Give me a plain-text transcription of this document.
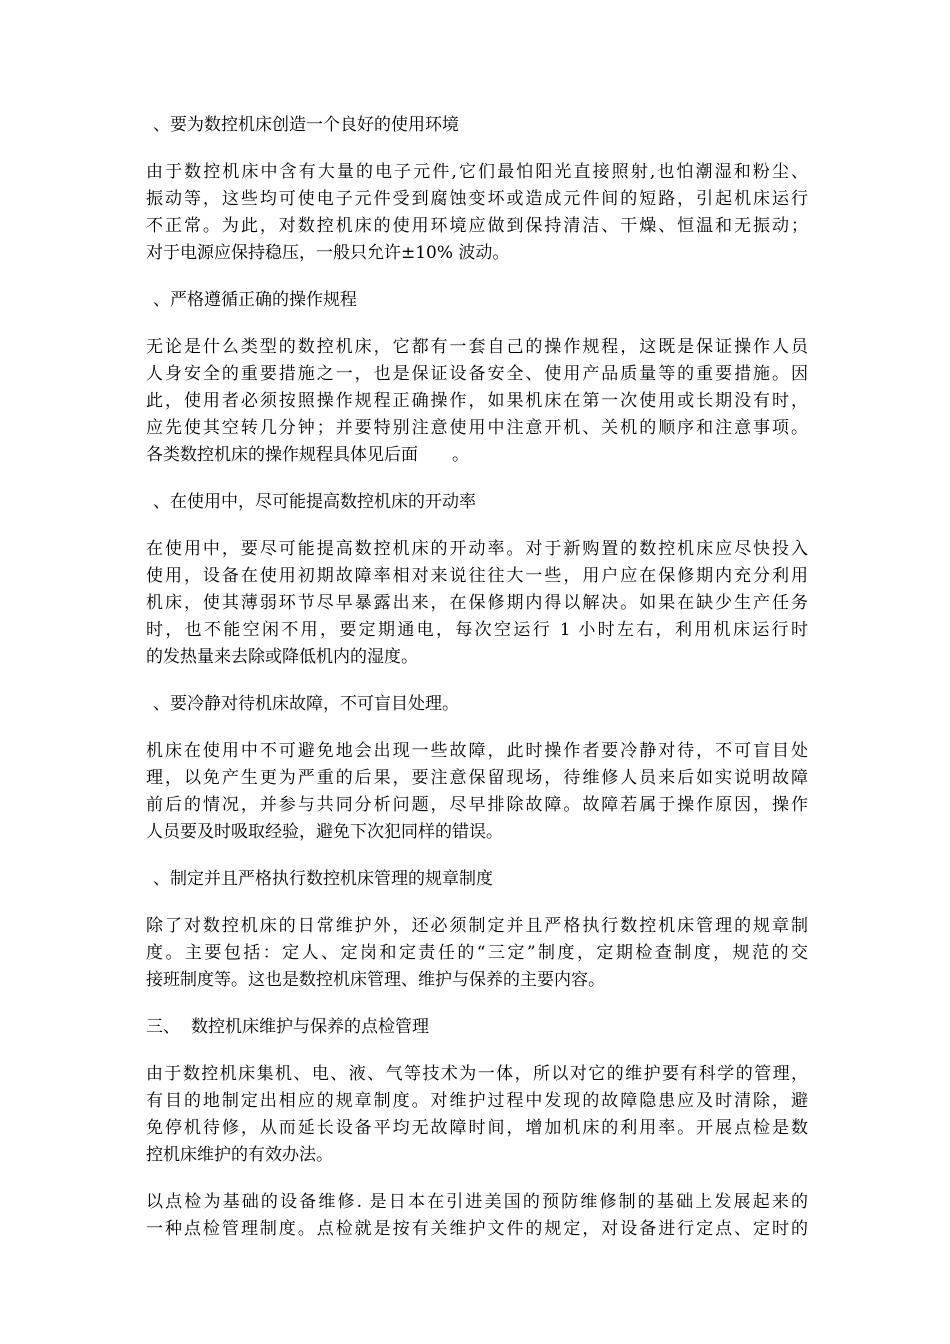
、要为数控机床创造一个良好的使用环境
由于数控机床中含有大量的电子元件,它们最怕阳光直接照射,也怕潮湿和粉尘、
振动等，这些均可使电子元件受到腐蚀变坏或造成元件间的短路，引起机床运行
不正常。为此，对数控机床的使用环境应做到保持清洁、干燥、恒温和无振动；
对于电源应保持稳压，一般只允许±10% 波动。
、严格遵循正确的操作规程
无论是什么类型的数控机床，它都有一套自己的操作规程，这既是保证操作人员
人身安全的重要措施之一，也是保证设备安全、使用产品质量等的重要措施。因
此，使用者必须按照操作规程正确操作，如果机床在第一次使用或长期没有时，
应先使其空转几分钟；并要特别注意使用中注意开机、关机的顺序和注意事项。
各类数控机床的操作规程具体见后面　　。
、在使用中，尽可能提高数控机床的开动率
在使用中，要尽可能提高数控机床的开动率。对于新购置的数控机床应尽快投入
使用，设备在使用初期故障率相对来说往往大一些，用户应在保修期内充分利用
机床，使其薄弱环节尽早暴露出来，在保修期内得以解决。如果在缺少生产任务
时，也不能空闲不用，要定期通电，每次空运行 1 小时左右，利用机床运行时
的发热量来去除或降低机内的湿度。
、要冷静对待机床故障，不可盲目处理。
机床在使用中不可避免地会出现一些故障，此时操作者要冷静对待，不可盲目处
理，以免产生更为严重的后果，要注意保留现场，待维修人员来后如实说明故障
前后的情况，并参与共同分析问题，尽早排除故障。故障若属于操作原因，操作
人员要及时吸取经验，避免下次犯同样的错误。
、制定并且严格执行数控机床管理的规章制度
除了对数控机床的日常维护外，还必须制定并且严格执行数控机床管理的规章制
度。主要包括：定人、定岗和定责任的“三定”制度，定期检查制度，规范的交
接班制度等。这也是数控机床管理、维护与保养的主要内容。
三、 数控机床维护与保养的点检管理
由于数控机床集机、电、液、气等技术为一体，所以对它的维护要有科学的管理，
有目的地制定出相应的规章制度。对维护过程中发现的故障隐患应及时清除，避
免停机待修，从而延长设备平均无故障时间，增加机床的利用率。开展点检是数
控机床维护的有效办法。
以点检为基础的设备维修. 是日本在引进美国的预防维修制的基础上发展起来的
一种点检管理制度。点检就是按有关维护文件的规定，对设备进行定点、定时的
